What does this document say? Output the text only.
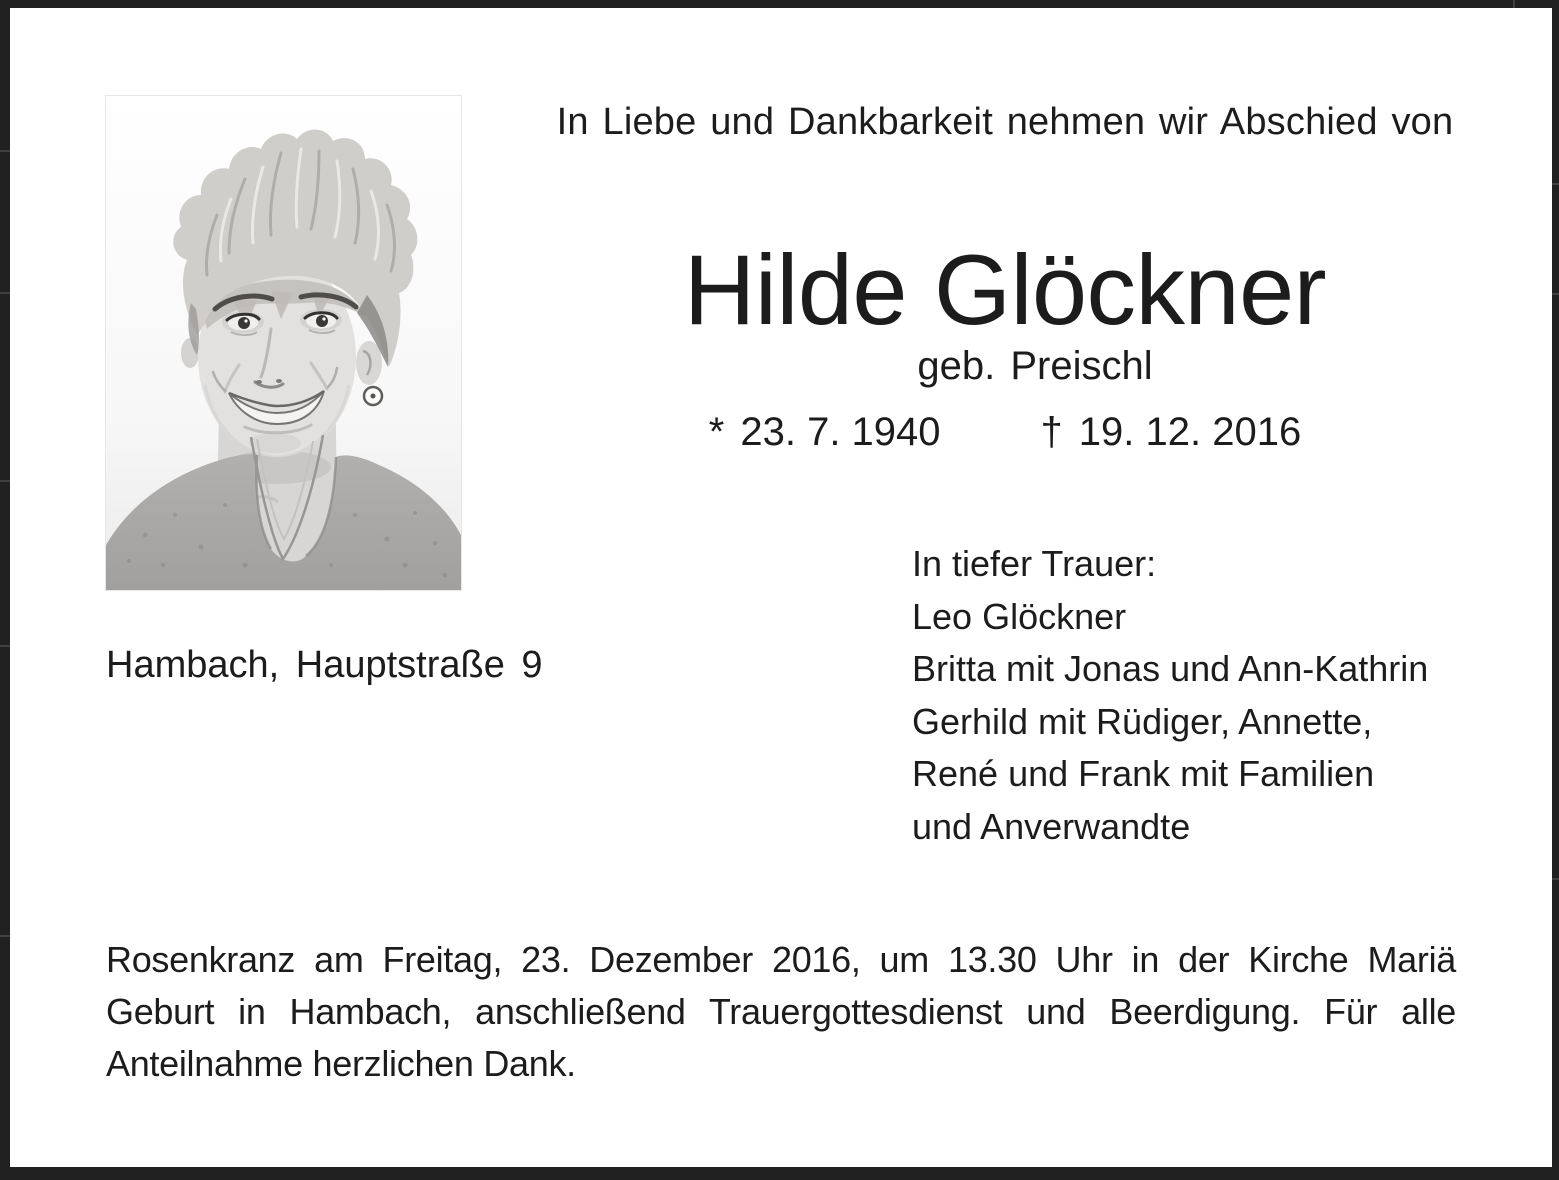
In Liebe und Dankbarkeit nehmen wir Abschied von
Hilde Glöckner
geb. Preischl
* 23. 7. 1940	† 19. 12. 2016
In tiefer Trauer:
Leo Glöckner
Britta mit Jonas und Ann-Kathrin
Gerhild mit Rüdiger, Annette,
René und Frank mit Familien
und Anverwandte
Hambach, Hauptstraße 9
Rosenkranz am Freitag, 23. Dezember 2016, um 13.30 Uhr in der Kirche Mariä Geburt in Hambach, anschließend Trauergottesdienst und Beerdigung. Für alle Anteilnahme herzlichen Dank.
